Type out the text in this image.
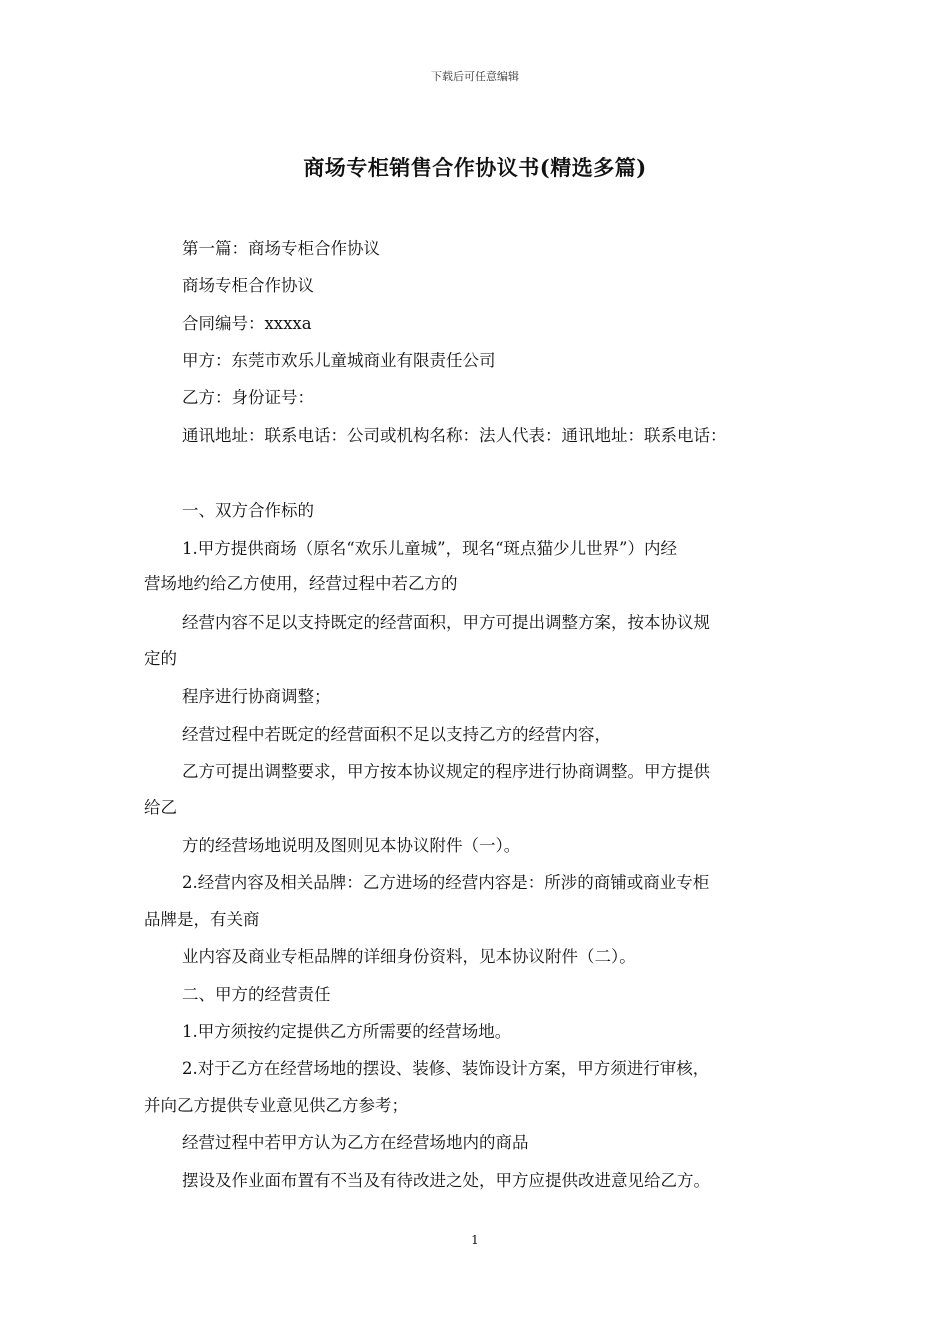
下载后可任意编辑
商场专柜销售合作协议书(精选多篇)
第一篇：商场专柜合作协议
商场专柜合作协议
合同编号：xxxxa
甲方：东莞市欢乐儿童城商业有限责任公司
乙方：身份证号：
通讯地址：联系电话：公司或机构名称：法人代表：通讯地址：联系电话：
一、双方合作标的
1.甲方提供商场（原名“欢乐儿童城”，现名“斑点猫少儿世界”）内经
营场地约给乙方使用，经营过程中若乙方的
经营内容不足以支持既定的经营面积，甲方可提出调整方案，按本协议规
定的
程序进行协商调整；
经营过程中若既定的经营面积不足以支持乙方的经营内容，
乙方可提出调整要求，甲方按本协议规定的程序进行协商调整。甲方提供
给乙
方的经营场地说明及图则见本协议附件（一）。
2.经营内容及相关品牌：乙方进场的经营内容是：所涉的商铺或商业专柜
品牌是，有关商
业内容及商业专柜品牌的详细身份资料，见本协议附件（二）。
二、甲方的经营责任
1.甲方须按约定提供乙方所需要的经营场地。
2.对于乙方在经营场地的摆设、装修、装饰设计方案，甲方须进行审核，
并向乙方提供专业意见供乙方参考；
经营过程中若甲方认为乙方在经营场地内的商品
摆设及作业面布置有不当及有待改进之处，甲方应提供改进意见给乙方。
1
